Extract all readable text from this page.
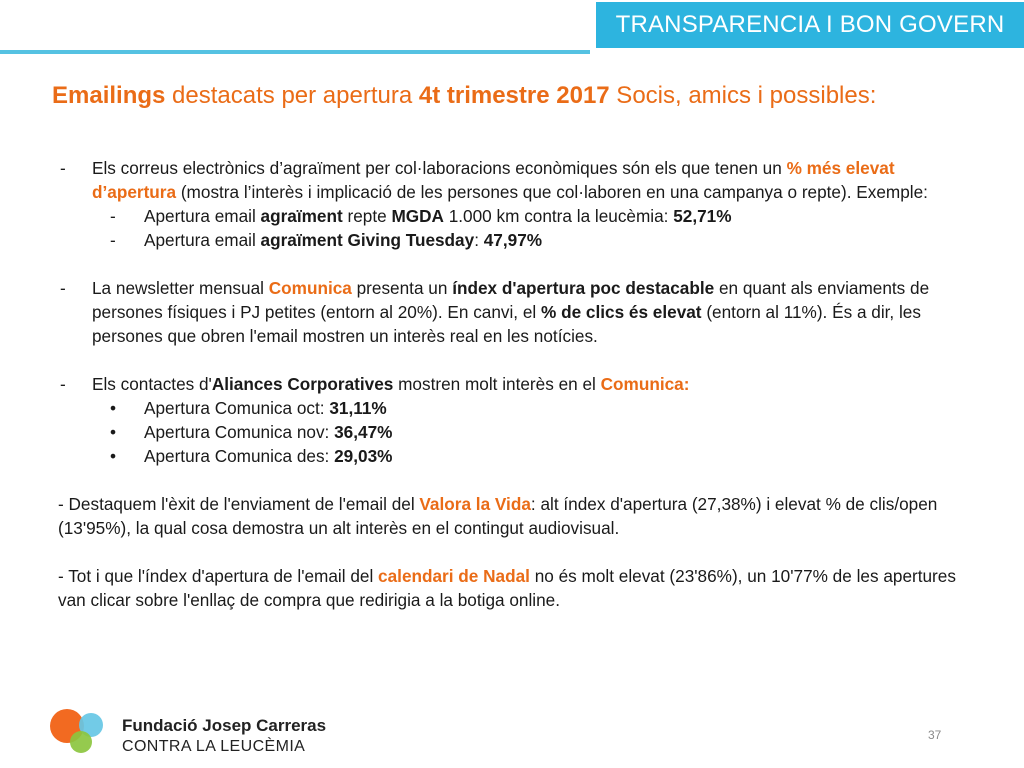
TRANSPARENCIA I BON GOVERN
Emailings destacats per apertura 4t trimestre 2017 Socis, amics i possibles:
- Els correus electrònics d’agraïment per col·laboracions econòmiques són els que tenen un % més elevat d’apertura (mostra l’interès i implicació de les persones que col·laboren en una campanya o repte). Exemple:
- Apertura email agraïment repte MGDA 1.000 km contra la leucèmia: 52,71%
- Apertura email agraïment Giving Tuesday: 47,97%
- La newsletter mensual Comunica presenta un índex d'apertura poc destacable en quant als enviaments de persones físiques i PJ petites (entorn al 20%). En canvi, el % de clics és elevat (entorn al 11%). És a dir, les persones que obren l'email mostren un interès real en les notícies.
- Els contactes d'Aliances Corporatives mostren molt interès en el Comunica:
• Apertura Comunica oct: 31,11%
• Apertura Comunica nov: 36,47%
• Apertura Comunica des: 29,03%
- Destaquem l'èxit de l'enviament de l'email del Valora la Vida: alt índex d'apertura (27,38%) i elevat % de clis/open (13'95%), la qual cosa demostra un alt interès en el contingut audiovisual.
- Tot i que l'índex d'apertura de l'email del calendari de Nadal no és molt elevat (23'86%), un 10'77% de les apertures van clicar sobre l'enllaç de compra que redirigia a la botiga online.
Fundació Josep Carreras
CONTRA LA LEUCÈMIA
37
